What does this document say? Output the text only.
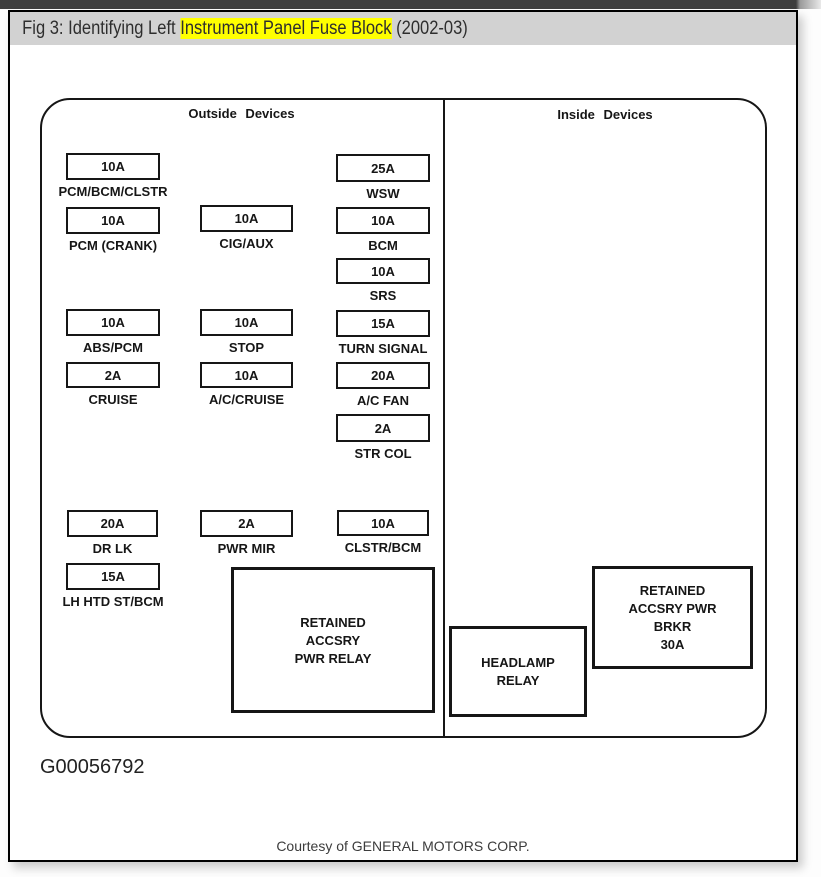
Fig 3: Identifying Left Instrument Panel Fuse Block (2002-03)
Outside Devices	Inside Devices
10A
PCM/BCM/CLSTR
10A
PCM (CRANK)
10A
ABS/PCM
2A
CRUISE
20A
DR LK
15A
LH HTD ST/BCM
10A
CIG/AUX
10A
STOP
10A
A/C/CRUISE
2A
PWR MIR
25A
WSW
10A
BCM
10A
SRS
15A
TURN SIGNAL
20A
A/C FAN
2A
STR COL
10A
CLSTR/BCM
RETAINED
ACCSRY
PWR RELAY	HEADLAMP
RELAY
RETAINED
ACCSRY PWR
BRKR
30A
G00056792
Courtesy of GENERAL MOTORS CORP.
